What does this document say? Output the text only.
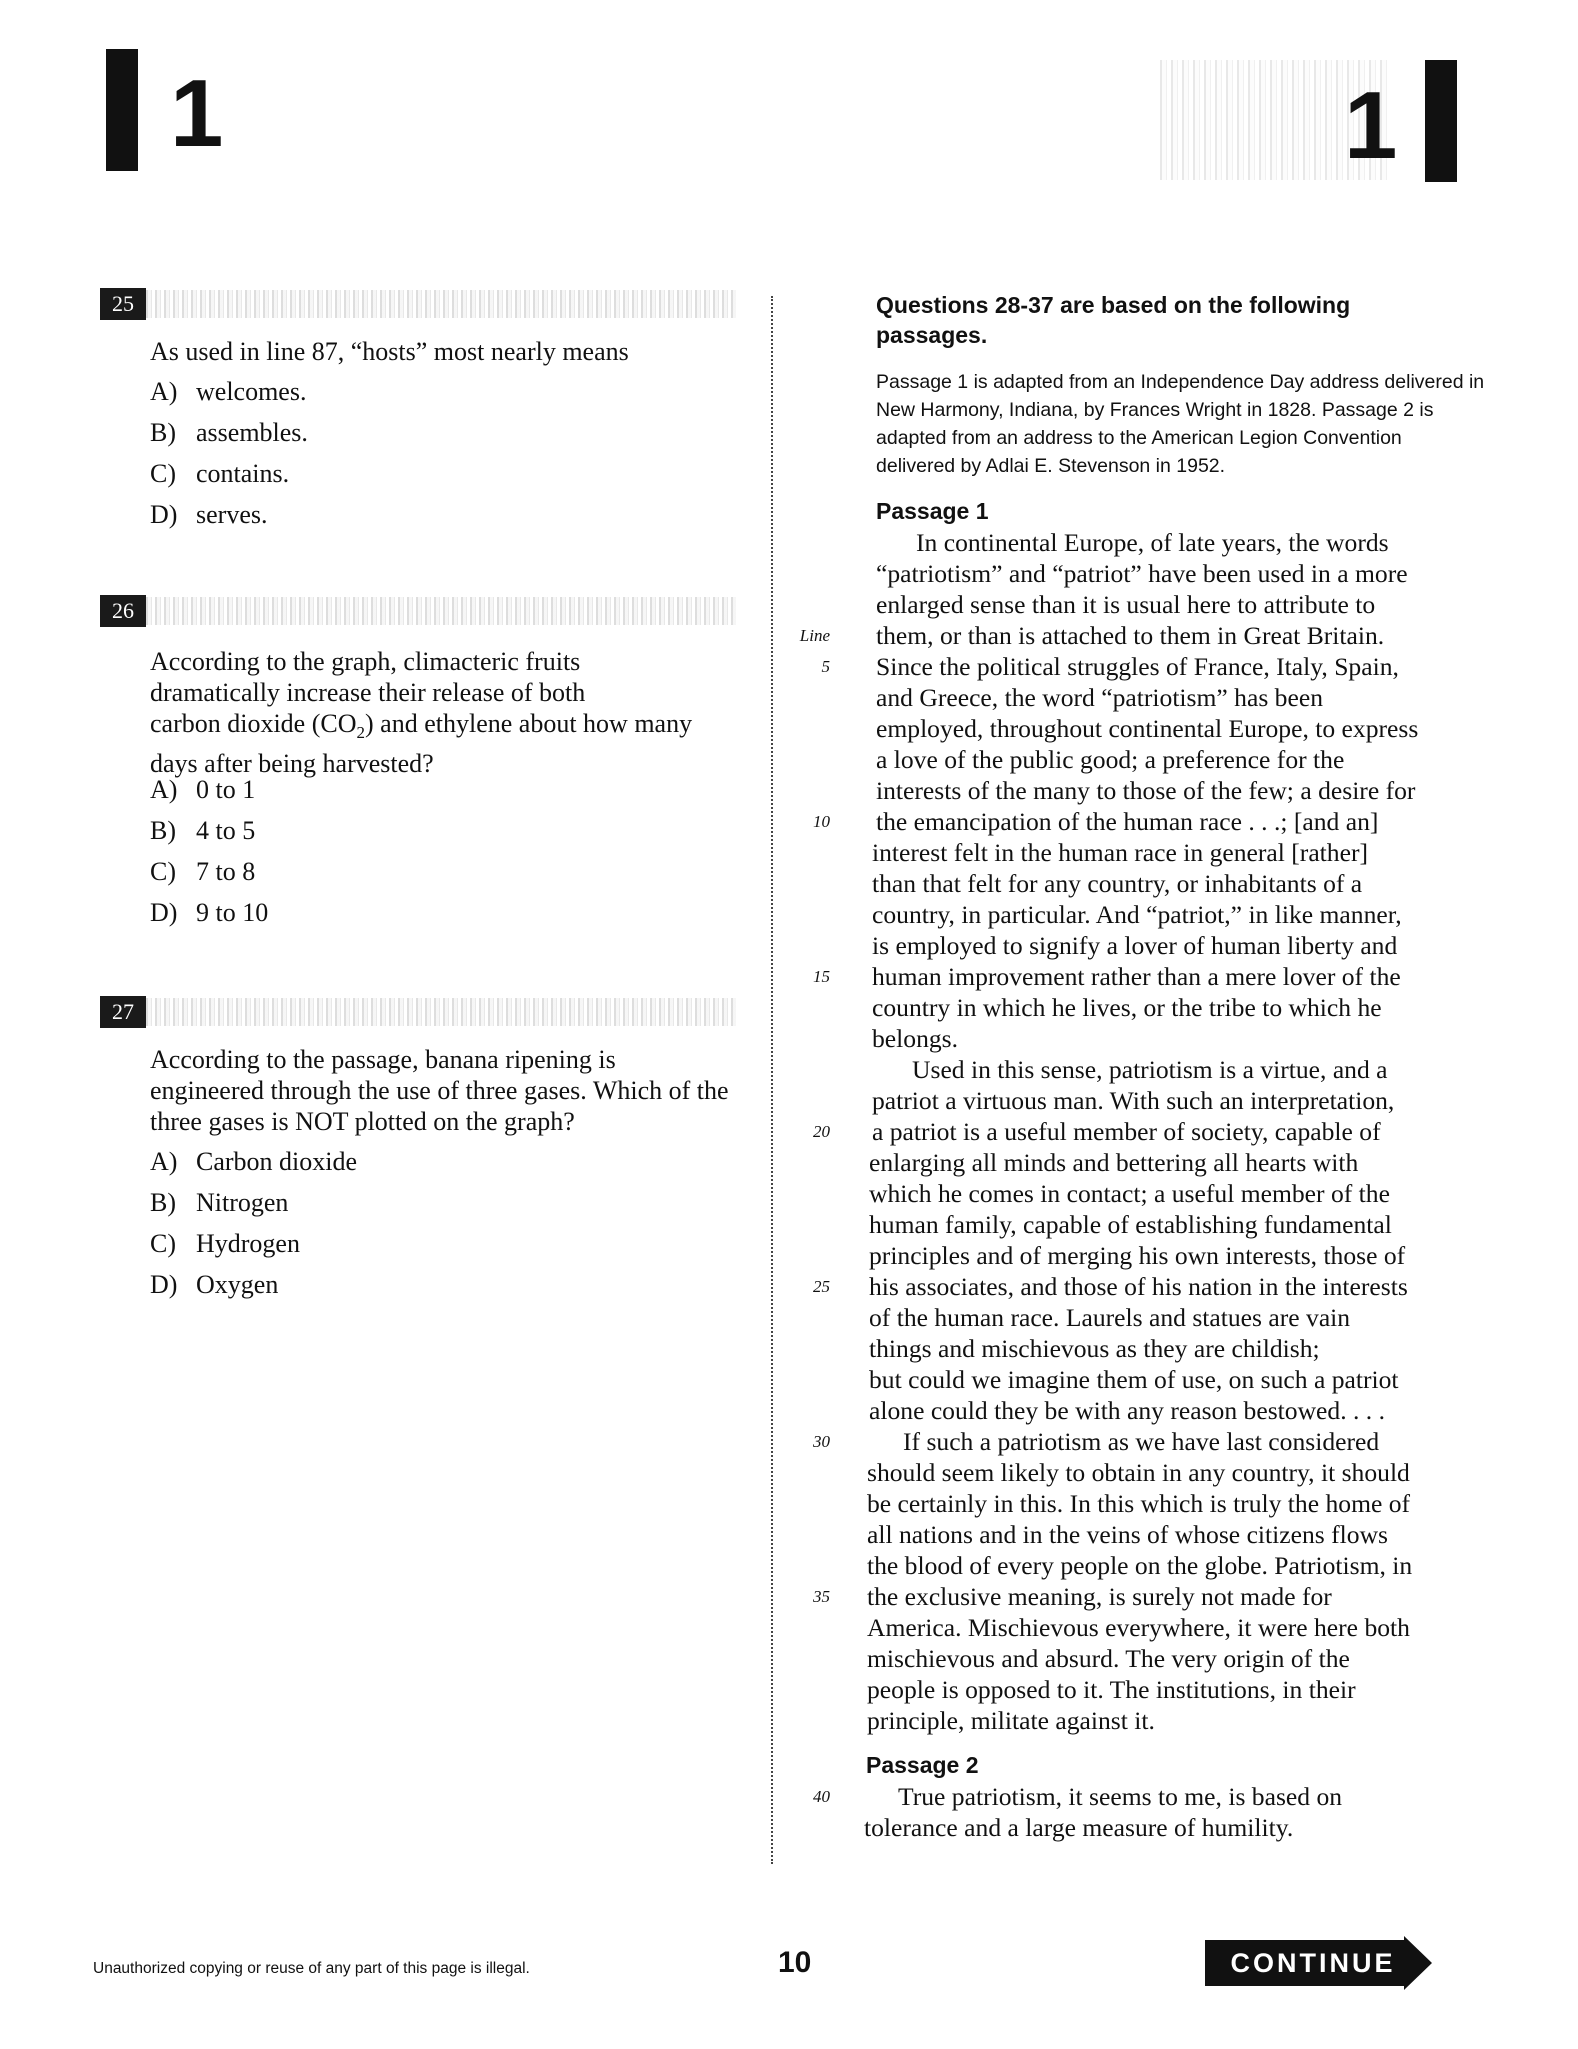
1	1
25
As used in line 87, “hosts” most nearly means
A) welcomes.
B) assembles.
C) contains.
D) serves.
26
According to the graph, climacteric fruits
dramatically increase their release of both
carbon dioxide $(CO_2)$ and ethylene about how many
days after being harvested?
A) 0 to 1
B) 4 to 5
C) 7 to 8
D) 9 to 10
27
According to the passage, banana ripening is engineered through the use of three gases. Which of the three gases is NOT plotted on the graph?
A) Carbon dioxide
B) Nitrogen
C) Hydrogen
D) Oxygen
Questions 28-37 are based on the following passages.
Passage 1 is adapted from an Independence Day address delivered in New Harmony, Indiana, by Frances Wright in 1828. Passage 2 is adapted from an address to the American Legion Convention delivered by Adlai E. Stevenson in 1952.
Passage 1
In continental Europe, of late years, the words
“patriotism” and “patriot” have been used in a more
enlarged sense than it is usual here to attribute to
them, or than is attached to them in Great Britain.
Since the political struggles of France, Italy, Spain,
and Greece, the word “patriotism” has been
employed, throughout continental Europe, to express
a love of the public good; a preference for the
interests of the many to those of the few; a desire for
the emancipation of the human race . . .; [and an]
interest felt in the human race in general [rather]
than that felt for any country, or inhabitants of a
country, in particular. And “patriot,” in like manner,
is employed to signify a lover of human liberty and
human improvement rather than a mere lover of the
country in which he lives, or the tribe to which he
belongs.
Used in this sense, patriotism is a virtue, and a
patriot a virtuous man. With such an interpretation,
a patriot is a useful member of society, capable of
enlarging all minds and bettering all hearts with
which he comes in contact; a useful member of the
human family, capable of establishing fundamental
principles and of merging his own interests, those of
his associates, and those of his nation in the interests
of the human race. Laurels and statues are vain
things and mischievous as they are childish;
but could we imagine them of use, on such a patriot
alone could they be with any reason bestowed. . . .
If such a patriotism as we have last considered
should seem likely to obtain in any country, it should
be certainly in this. In this which is truly the home of
all nations and in the veins of whose citizens flows
the blood of every people on the globe. Patriotism, in
the exclusive meaning, is surely not made for
America. Mischievous everywhere, it were here both
mischievous and absurd. The very origin of the
people is opposed to it. The institutions, in their
principle, militate against it.
Passage 2
True patriotism, it seems to me, is based on
tolerance and a large measure of humility.
Line
5
10
15
20
25
30
35
40
Unauthorized copying or reuse of any part of this page is illegal.	10	CONTINUE
